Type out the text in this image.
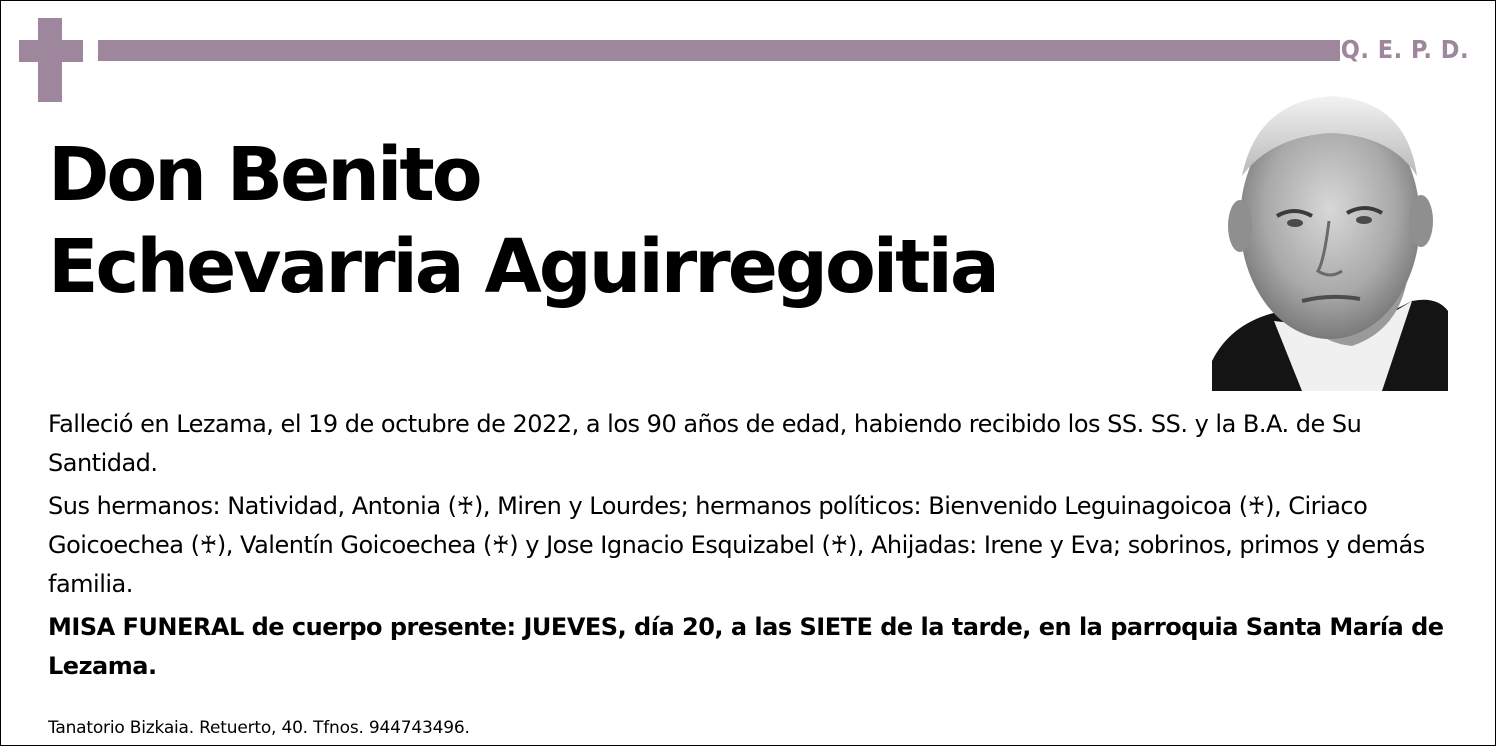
Q. E. P. D.
Don Benito
Echevarria Aguirregoitia

Falleció en Lezama, el 19 de octubre de 2022, a los 90 años de edad, habiendo recibido los SS. SS. y la B.A. de Su Santidad.

Sus hermanos: Natividad, Antonia (♰), Miren y Lourdes; hermanos políticos: Bienvenido Leguinagoicoa (♰), Ciriaco Goicoechea (♰), Valentín Goicoechea (♰) y Jose Ignacio Esquizabel (♰), Ahijadas: Irene y Eva; sobrinos, primos y demás familia.

MISA FUNERAL de cuerpo presente: JUEVES, día 20, a las SIETE de la tarde, en la parroquia Santa María de Lezama.

Tanatorio Bizkaia. Retuerto, 40. Tfnos. 944743496.
